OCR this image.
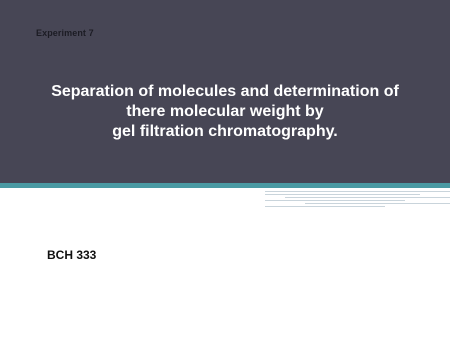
Experiment 7
Separation of molecules and determination of
there molecular weight by
gel filtration chromatography.
BCH 333
